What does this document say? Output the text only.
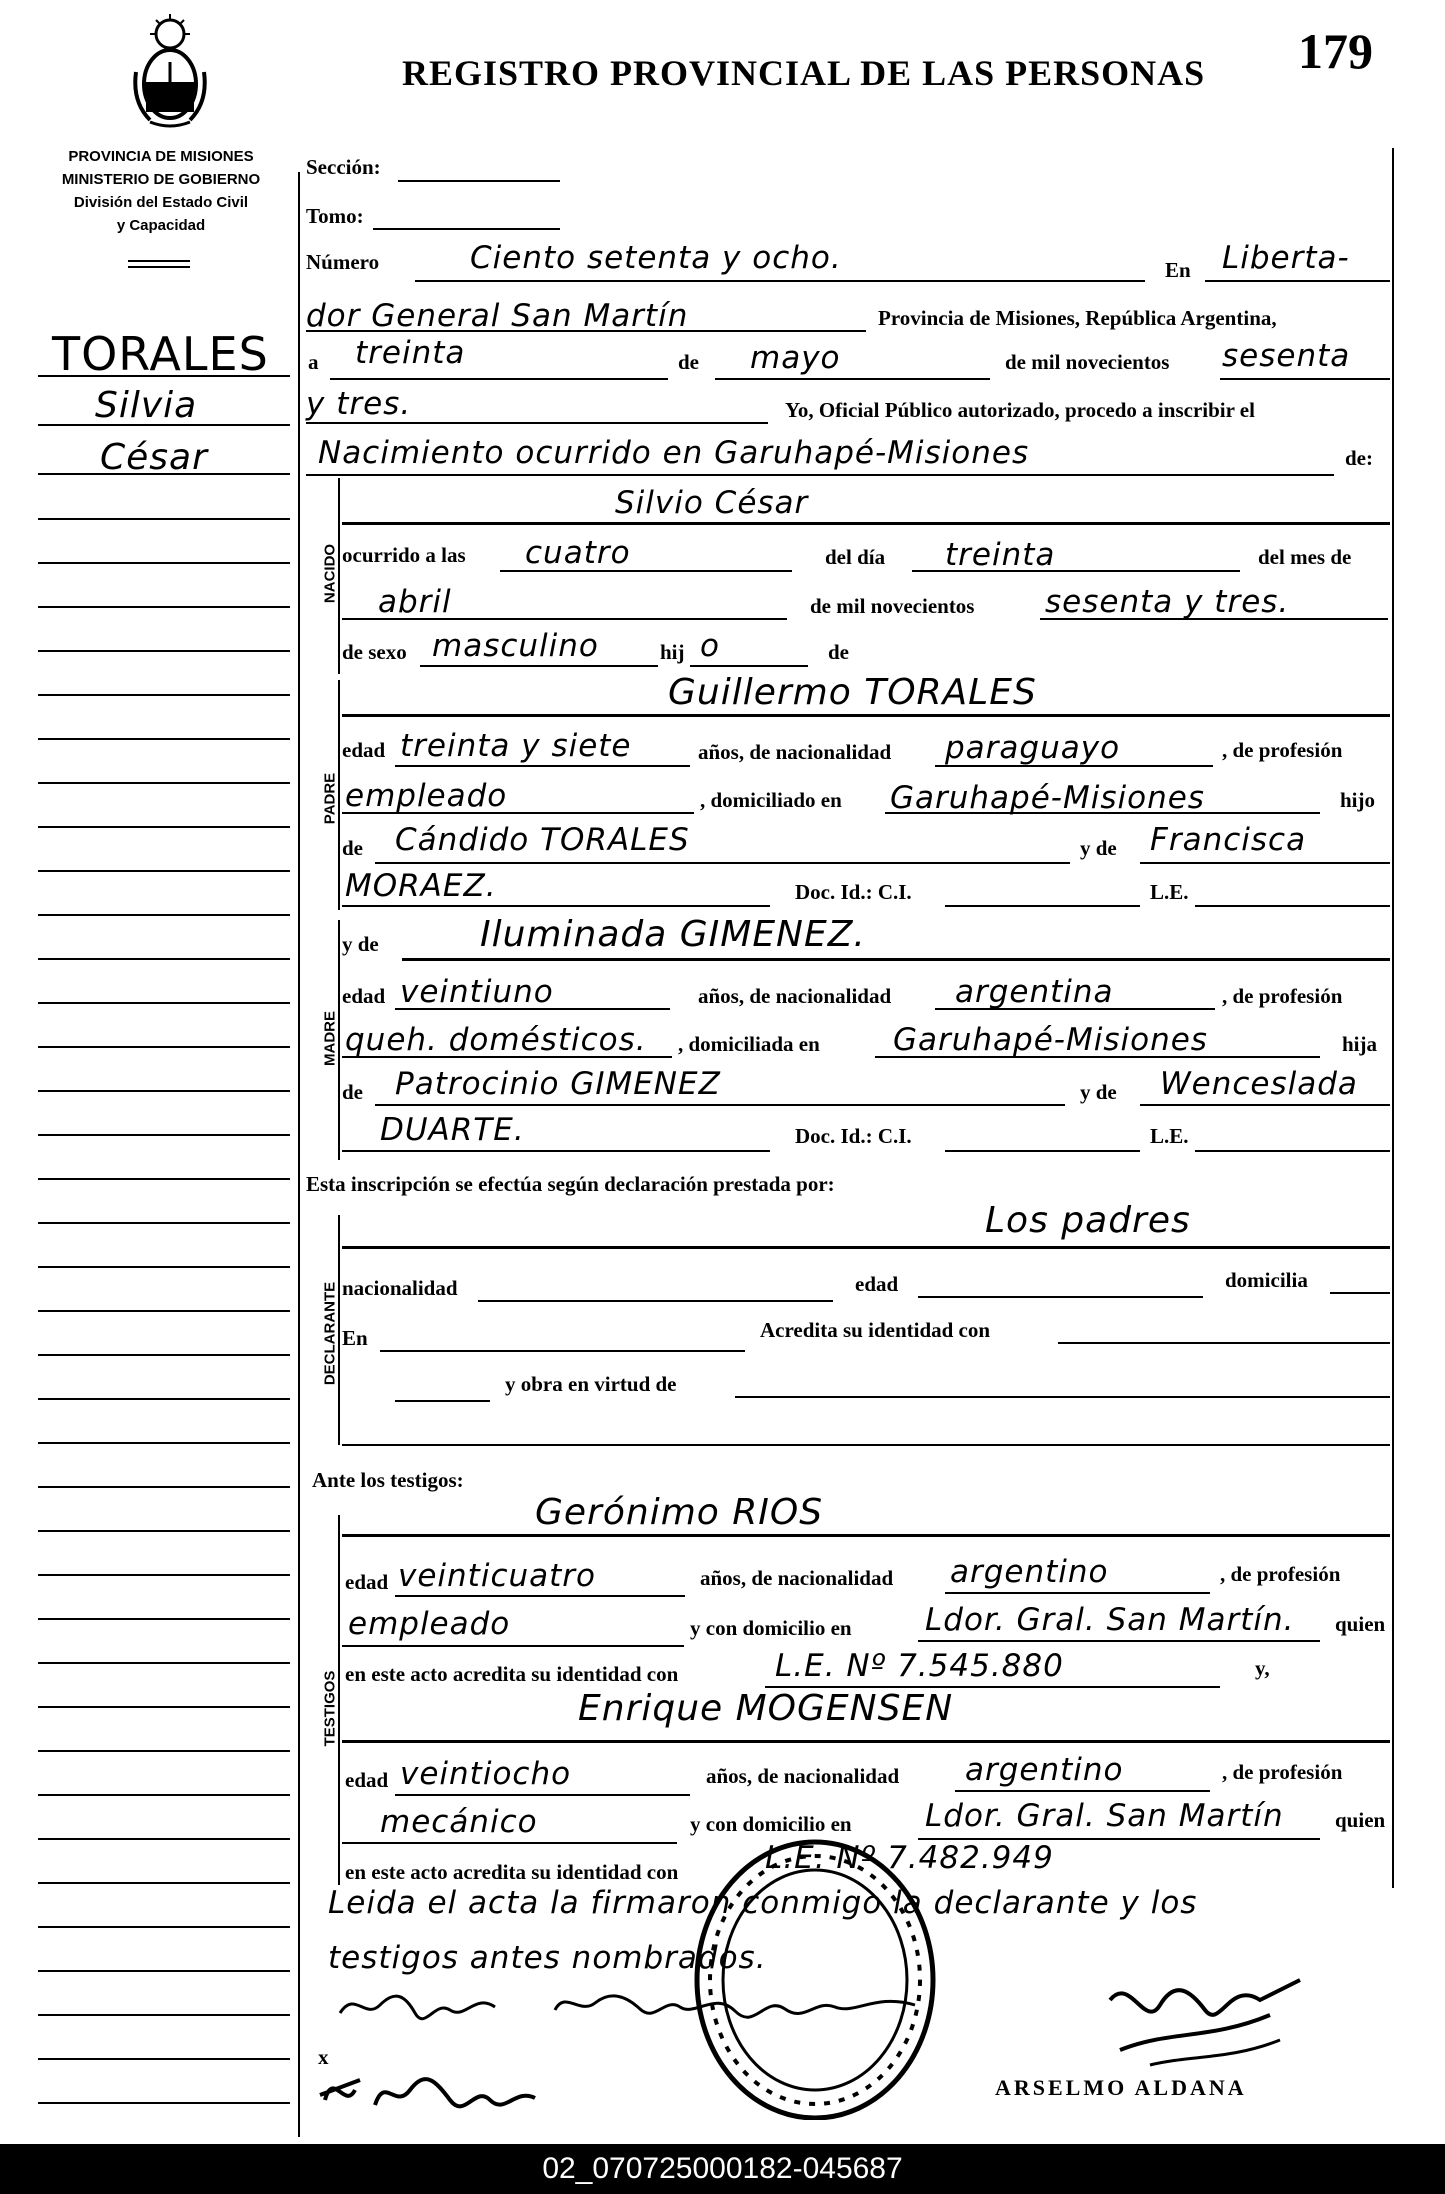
REGISTRO PROVINCIAL DE LAS PERSONAS 179
PROVINCIA DE MISIONES
MINISTERIO DE GOBIERNO
División del Estado Civil
y Capacidad
TORALES
Silvia
César
Sección:
Tomo:
Número	Ciento setenta y ocho.	En Liberta-
dor General San Martín	Provincia de Misiones, República Argentina,
a treinta	de mayo	de mil novecientos sesenta
y tres.	Yo, Oficial Público autorizado, procedo a inscribir el
Nacimiento ocurrido en Garuhapé-Misiones	de:
NACIDO
Silvio César
ocurrido a las cuatro	del día treinta	del mes de
abril	de mil novecientos sesenta y tres.
de sexo masculino	hij o	de
PADRE
Guillermo TORALES
edad treinta y siete	años, de nacionalidad paraguayo	, de profesión
empleado	, domiciliado en Garuhapé-Misiones	hijo
de Cándido TORALES	y de Francisca
MORAEZ.	Doc. Id.: C.I.	L.E.
MADRE
y de	Iluminada GIMENEZ.
edad veintiuno	años, de nacionalidad argentina	, de profesión
queh. domésticos. , domiciliada en Garuhapé-Misiones	hija
de Patrocinio GIMENEZ	y de Wenceslada
DUARTE.	Doc. Id.: C.I.	L.E.
Esta inscripción se efectúa según declaración prestada por:
DECLARANTE
Los padres
nacionalidad	edad	domicilia
En	Acredita su identidad con
y obra en virtud de
Ante los testigos:
TESTIGOS
Gerónimo RIOS
edad veinticuatro	años, de nacionalidad argentino	, de profesión
empleado	y con domicilio en Ldor. Gral. San Martín. quien
en este acto acredita su identidad con	L.E. Nº 7.545.880	y,
Enrique MOGENSEN
edad veintiocho	años, de nacionalidad argentino	, de profesión
mecánico	y con domicilio en Ldor. Gral. San Martín quien
en este acto acredita su identidad con	L.E. Nº 7.482.949
Leida el acta la firmaron conmigo la declarante y los
testigos antes nombrados.
x
ARSELMO ALDANA
02_070725000182-045687
